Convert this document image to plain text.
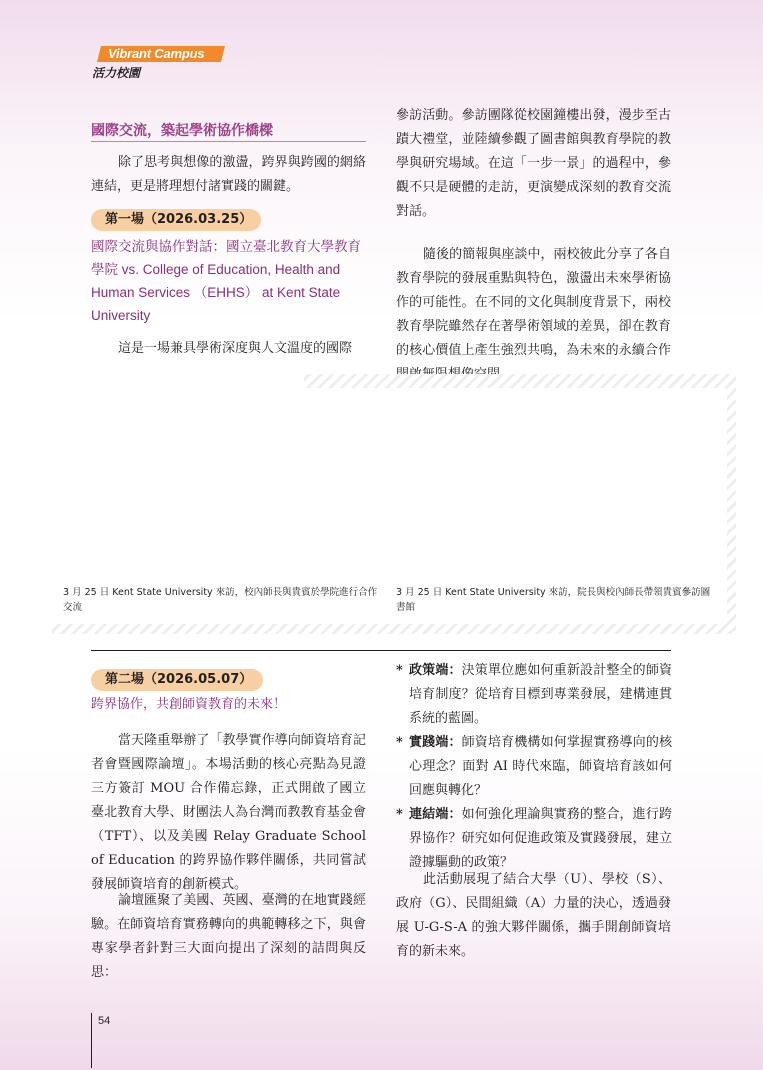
Vibrant Campus
活力校園
國際交流，築起學術協作橋樑

除了思考與想像的激盪，跨界與跨國的網絡連結，更是將理想付諸實踐的關鍵。

第一場（2026.03.25）
國際交流與協作對話：國立臺北教育大學教育學院 vs. College of Education, Health and Human Services （EHHS） at Kent State University

這是一場兼具學術深度與人文溫度的國際

參訪活動。參訪團隊從校園鐘樓出發，漫步至古蹟大禮堂，並陸續參觀了圖書館與教育學院的教學與研究場域。在這「一步一景」的過程中，參觀不只是硬體的走訪，更演變成深刻的教育交流對話。

隨後的簡報與座談中，兩校彼此分享了各自教育學院的發展重點與特色，激盪出未來學術協作的可能性。在不同的文化與制度背景下，兩校教育學院雖然存在著學術領域的差異，卻在教育的核心價值上產生強烈共鳴，為未來的永續合作

3 月 25 日 Kent State University 來訪，校內師長與貴賓於學院進行合作交流
3 月 25 日 Kent State University 來訪，院長與校內師長帶領貴賓參訪圖書館
第二場（2026.05.07）
跨界協作，共創師資教育的未來！

當天隆重舉辦了「教學實作導向師資培育記者會暨國際論壇」。本場活動的核心亮點為見證三方簽訂 MOU 合作備忘錄，正式開啟了國立臺北教育大學、財團法人為台灣而教教育基金會（TFT）、以及美國 Relay Graduate School of Education 的跨界協作夥伴關係，共同嘗試發展師資培育的創新模式。

論壇匯聚了美國、英國、臺灣的在地實踐經驗。在師資培育實務轉向的典範轉移之下，與會專家學者針對三大面向提出了深刻的詰問與反思：

* 政策端：決策單位應如何重新設計整全的師資培育制度？從培育目標到專業發展，建構連貫系統的藍圖。
* 實踐端：師資培育機構如何掌握實務導向的核心理念？面對 AI 時代來臨，師資培育該如何回應與轉化？
* 連結端：如何強化理論與實務的整合，進行跨界協作？研究如何促進政策及實踐發展，建立證據驅動的政策？

此活動展現了結合大學（U）、學校（S）、政府（G）、民間組織（A）力量的決心，透過發展 U-G-S-A 的強大夥伴關係，攜手開創師資培育的新未來。

54
